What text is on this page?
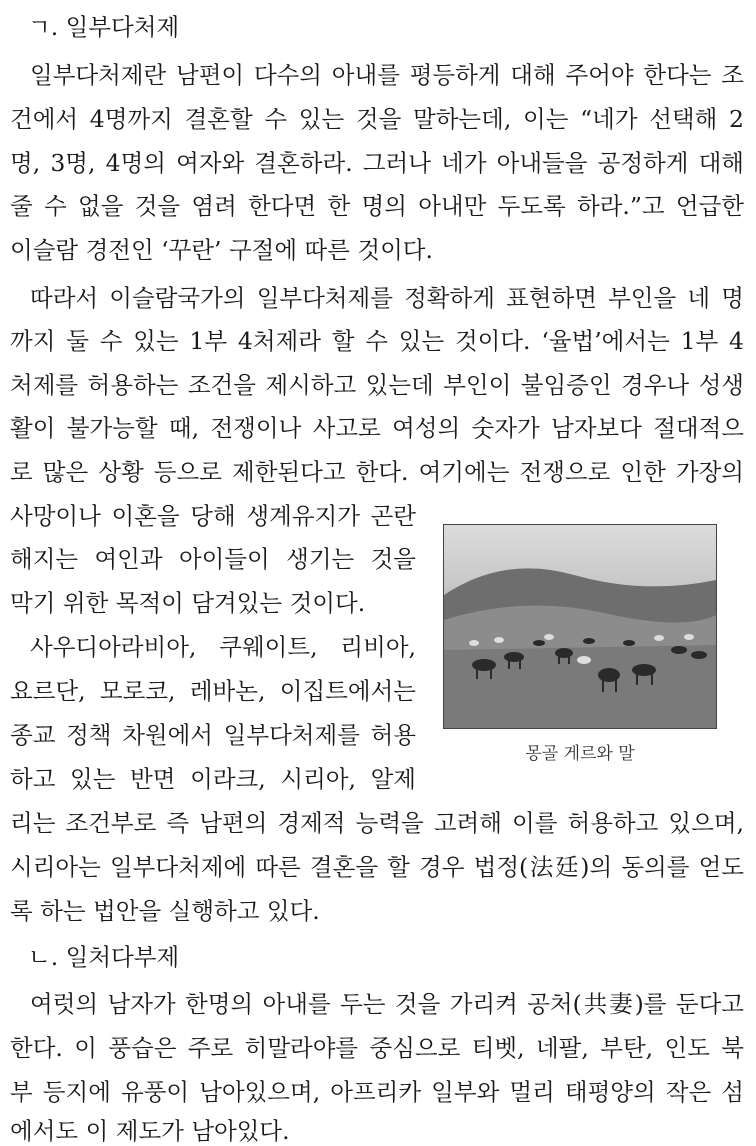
ㄱ. 일부다처제
일부다처제란 남편이 다수의 아내를 평등하게 대해 주어야 한다는 조
건에서 4명까지 결혼할 수 있는 것을 말하는데, 이는 “네가 선택해 2
명, 3명, 4명의 여자와 결혼하라. 그러나 네가 아내들을 공정하게 대해
줄 수 없을 것을 염려 한다면 한 명의 아내만 두도록 하라.”고 언급한
이슬람 경전인 ‘꾸란’ 구절에 따른 것이다.
따라서 이슬람국가의 일부다처제를 정확하게 표현하면 부인을 네 명
까지 둘 수 있는 1부 4처제라 할 수 있는 것이다. ‘율법’에서는 1부 4
처제를 허용하는 조건을 제시하고 있는데 부인이 불임증인 경우나 성생
활이 불가능할 때, 전쟁이나 사고로 여성의 숫자가 남자보다 절대적으
로 많은 상황 등으로 제한된다고 한다. 여기에는 전쟁으로 인한 가장의
사망이나 이혼을 당해 생계유지가 곤란
해지는 여인과 아이들이 생기는 것을
막기 위한 목적이 담겨있는 것이다.
사우디아라비아, 쿠웨이트, 리비아,
요르단, 모로코, 레바논, 이집트에서는
종교 정책 차원에서 일부다처제를 허용
하고 있는 반면 이라크, 시리아, 알제
리는 조건부로 즉 남편의 경제적 능력을 고려해 이를 허용하고 있으며,
시리아는 일부다처제에 따른 결혼을 할 경우 법정(法廷)의 동의를 얻도
록 하는 법안을 실행하고 있다.
몽골 게르와 말
ㄴ. 일처다부제
여럿의 남자가 한명의 아내를 두는 것을 가리켜 공처(共妻)를 둔다고
한다. 이 풍습은 주로 히말라야를 중심으로 티벳, 네팔, 부탄, 인도 북
부 등지에 유풍이 남아있으며, 아프리카 일부와 멀리 태평양의 작은 섬
에서도 이 제도가 남아있다.
